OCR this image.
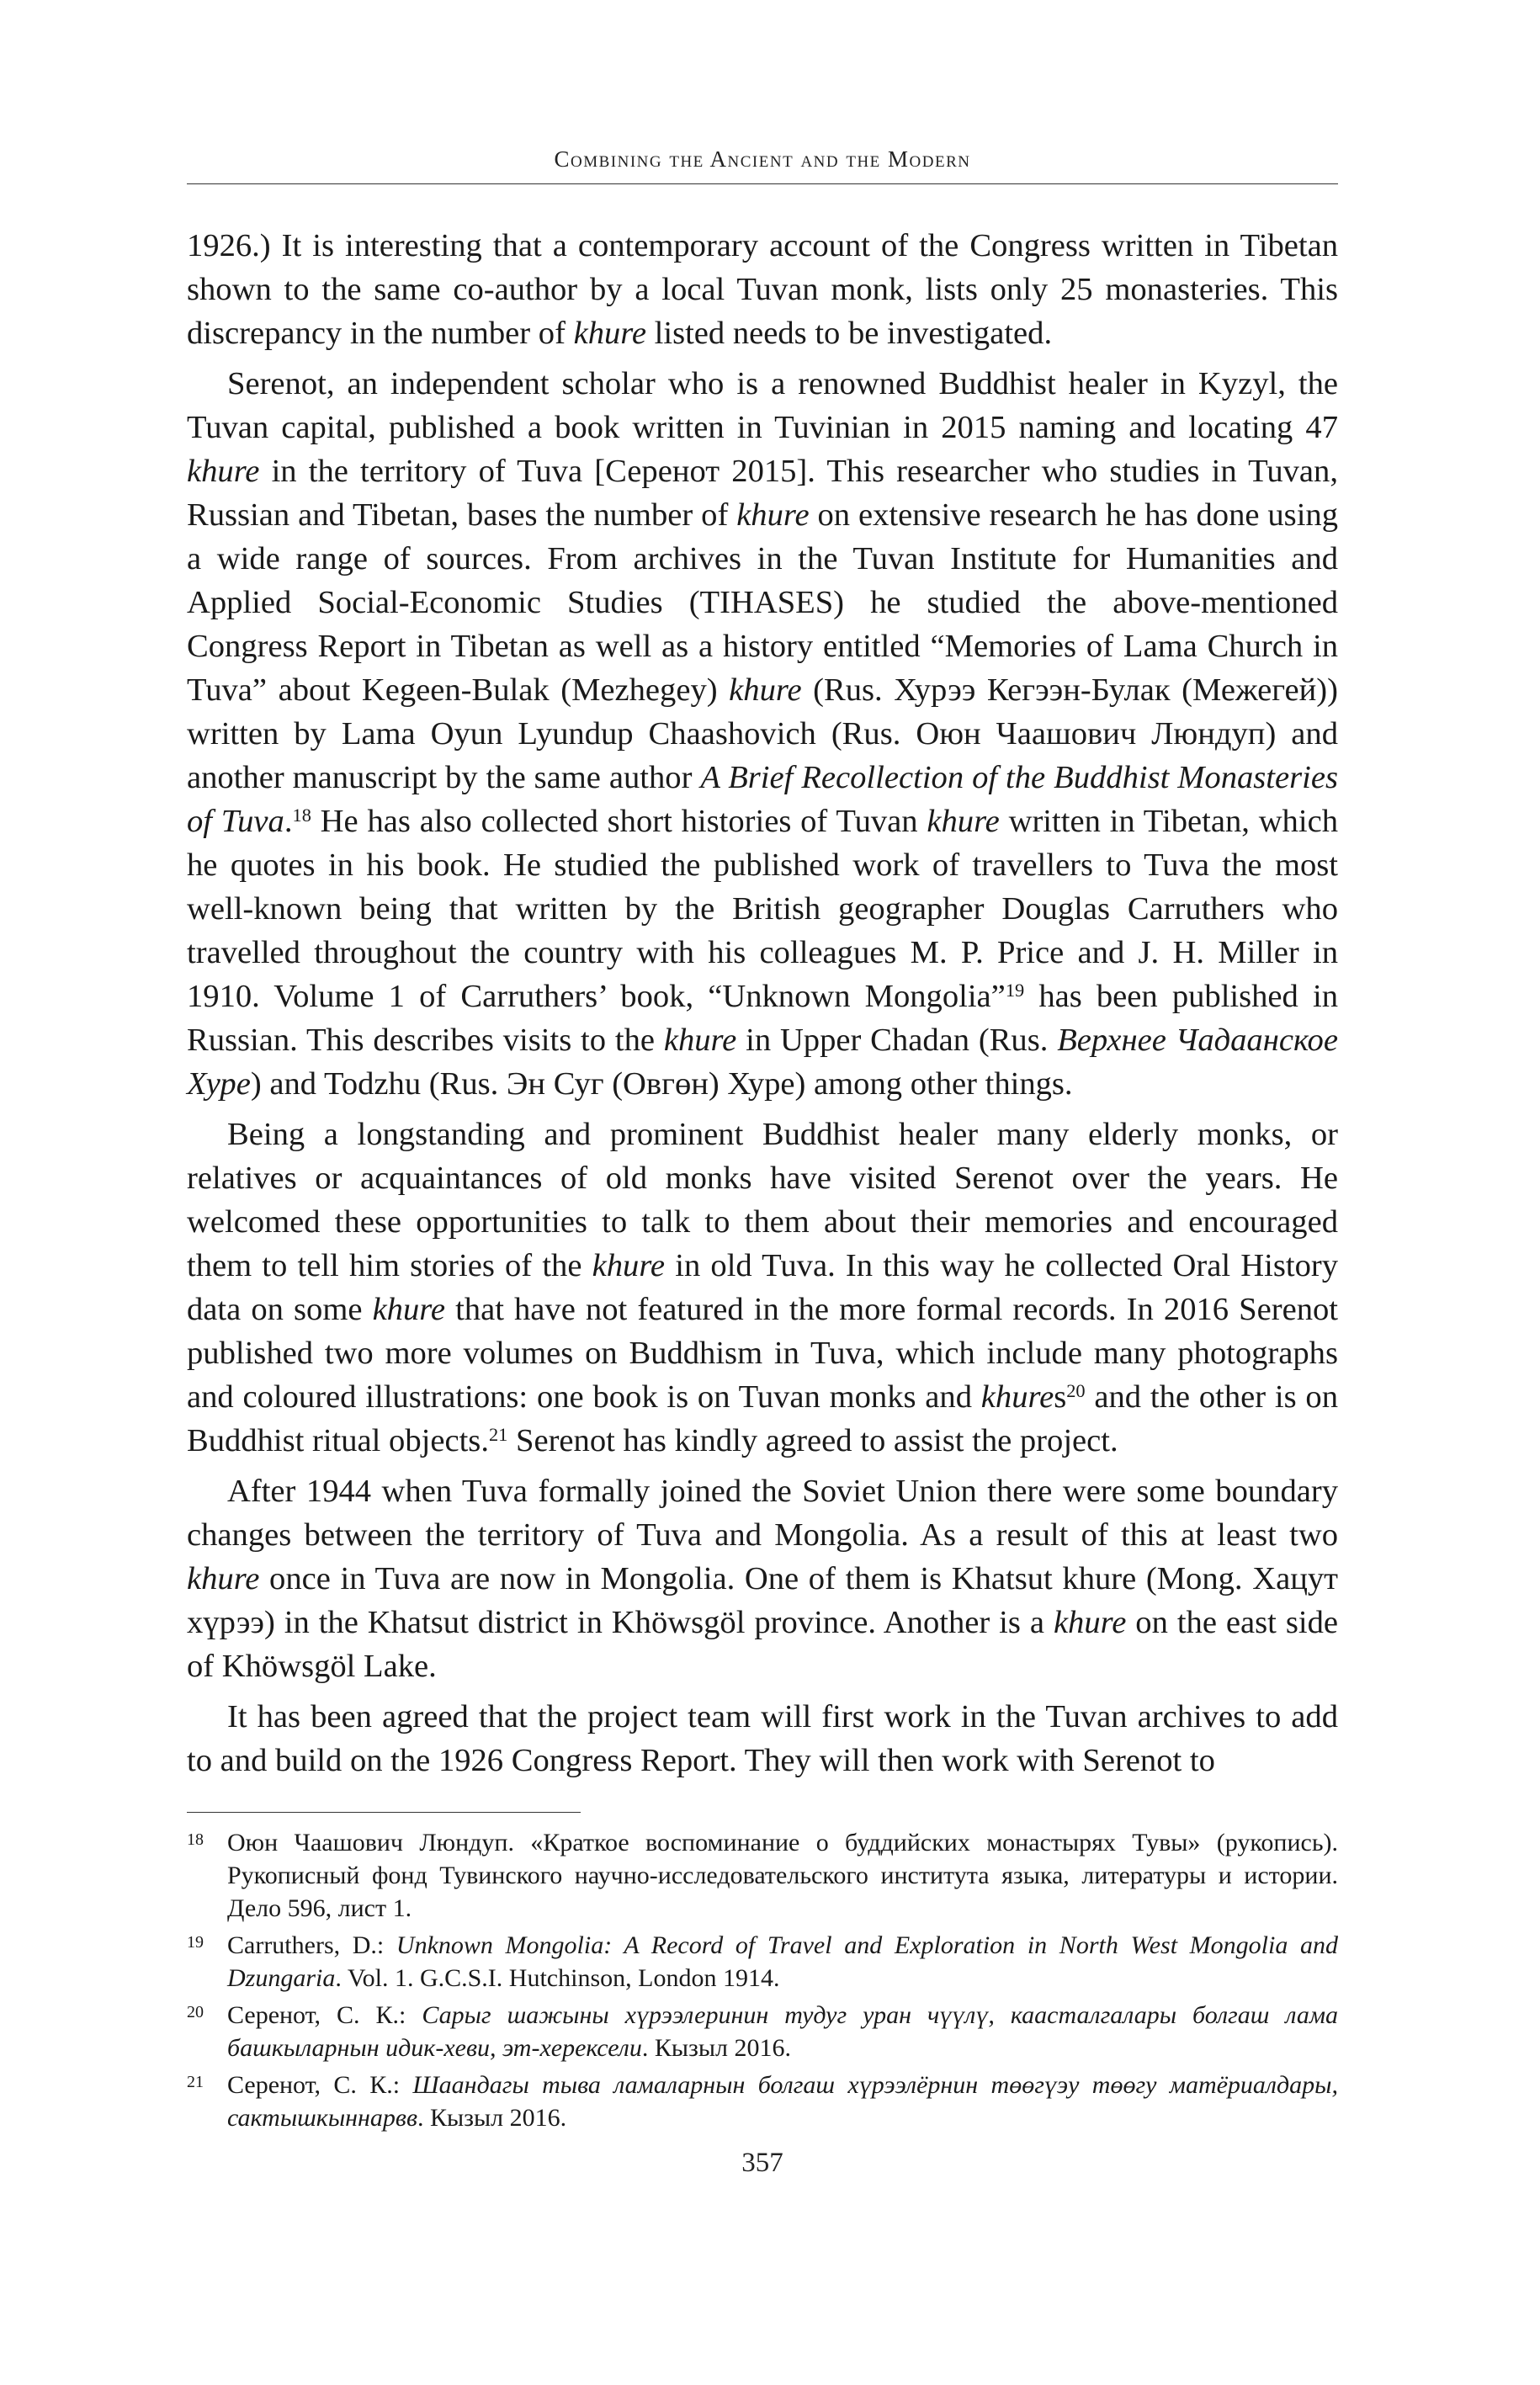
Combining the Ancient and the Modern

1926.) It is interesting that a contemporary account of the Congress written in Tibetan shown to the same co-author by a local Tuvan monk, lists only 25 monasteries. This discrepancy in the number of khure listed needs to be investigated.

Serenot, an independent scholar who is a renowned Buddhist healer in Kyzyl, the Tuvan capital, published a book written in Tuvinian in 2015 naming and locating 47 khure in the territory of Tuva [Серенот 2015]. This researcher who studies in Tuvan, Russian and Tibetan, bases the number of khure on extensive research he has done using a wide range of sources. From archives in the Tuvan Institute for Humanities and Applied Social-Economic Studies (TIHASES) he studied the above-mentioned Congress Report in Tibetan as well as a history entitled “Memories of Lama Church in Tuva” about Kegeen-Bulak (Mezhegey) khure (Rus. Хурээ Кегээн-Булак (Межегей)) written by Lama Oyun Lyundup Chaashovich (Rus. Оюн Чаашович Люндуп) and another manuscript by the same author A Brief Recollection of the Buddhist Monasteries of Tuva.$^{18}$ He has also collected short histories of Tuvan khure written in Tibetan, which he quotes in his book. He studied the published work of travellers to Tuva the most well-known being that written by the British geographer Douglas Carruthers who travelled throughout the country with his colleagues M. P. Price and J. H. Miller in 1910. Volume 1 of Carruthers’ book, “Unknown Mongolia”$^{19}$ has been published in Russian. This describes visits to the khure in Upper Chadan (Rus. Верхнее Чадаанское Хуре) and Todzhu (Rus. Эн Суг (Овгөн) Хуре) among other things.

Being a longstanding and prominent Buddhist healer many elderly monks, or relatives or acquaintances of old monks have visited Serenot over the years. He welcomed these opportunities to talk to them about their memories and encouraged them to tell him stories of the khure in old Tuva. In this way he collected Oral History data on some khure that have not featured in the more formal records. In 2016 Serenot published two more volumes on Buddhism in Tuva, which include many photographs and coloured illustrations: one book is on Tuvan monks and khures$^{20}$ and the other is on Buddhist ritual objects.$^{21}$ Serenot has kindly agreed to assist the project.

After 1944 when Tuva formally joined the Soviet Union there were some boundary changes between the territory of Tuva and Mongolia. As a result of this at least two khure once in Tuva are now in Mongolia. One of them is Khatsut khure (Mong. Хацут хүрээ) in the Khatsut district in Khöwsgöl province. Another is a khure on the east side of Khöwsgöl Lake.

It has been agreed that the project team will first work in the Tuvan archives to add to and build on the 1926 Congress Report. They will then work with Serenot to

18 Оюн Чаашович Люндуп. «Краткое воспоминание о буддийских монастырях Тувы» (рукопись). Рукописный фонд Тувинского научно-исследовательского института языка, литературы и истории. Дело 596, лист 1.
19 Carruthers, D.: Unknown Mongolia: A Record of Travel and Exploration in North West Mongolia and Dzungaria. Vol. 1. G.C.S.I. Hutchinson, London 1914.
20 Серенот, С. К.: Сарыг шажыны хүрээлеринин тудуг уран чүүлү, каасталгалары болгаш лама башкыларнын идик-хеви, эт-херексели. Кызыл 2016.
21 Серенот, С. К.: Шаандагы тыва ламаларнын болгаш хүрээлёрнин төөгүэу төөгу матёриалдары, сактышкыннарвв. Кызыл 2016.
357
